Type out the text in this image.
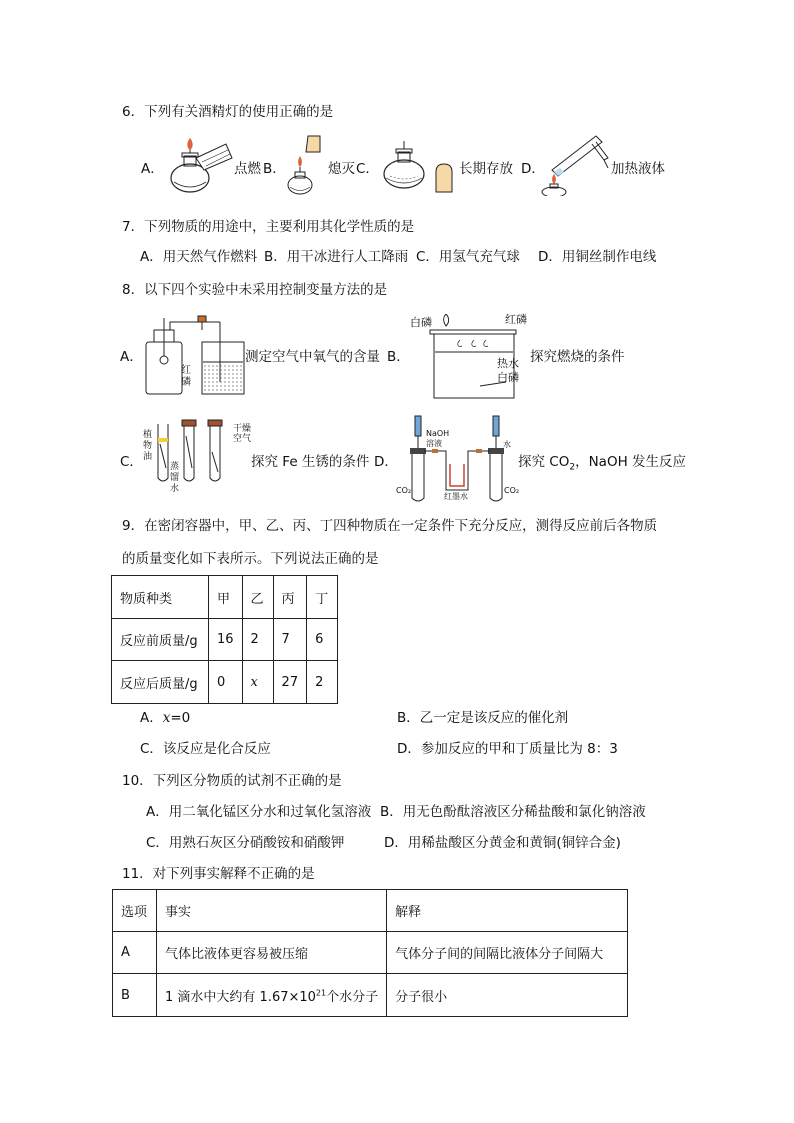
6．下列有关酒精灯的使用正确的是
A．	点燃 B．	熄灭 C．	长期存放 D．	加热液体
7．下列物质的用途中，主要利用其化学性质的是
A．用天然气作燃料 B．用干冰进行人工降雨 C．用氢气充气球 D．用铜丝制作电线
8．以下四个实验中未采用控制变量方法的是
A．
红
磷
测定空气中氧气的含量 B．
白磷	红磷
热水
白磷
探究燃烧的条件
C．
植
物
油
蒸
馏
水
干燥
空气
探究 Fe 生锈的条件 D．
NaOH
溶液	水
红墨水
CO₂	CO₂
探究 $CO_2$，NaOH 发生反应
9．在密闭容器中，甲、乙、丙、丁四种物质在一定条件下充分反应，测得反应前后各物质
的质量变化如下表所示。下列说法正确的是
物质种类	甲	乙	丙	丁
反应前质量/g	16	2	7	6
反应后质量/g	0	x	27	2
A．x=0	B．乙一定是该反应的催化剂
C．该反应是化合反应	D．参加反应的甲和丁质量比为 8：3
10．下列区分物质的试剂不正确的是
A．用二氧化锰区分水和过氧化氢溶液 B．用无色酚酞溶液区分稀盐酸和氯化钠溶液
C．用熟石灰区分硝酸铵和硝酸钾	D．用稀盐酸区分黄金和黄铜(铜锌合金)
11．对下列事实解释不正确的是
选项	事实	解释
A	气体比液体更容易被压缩	气体分子间的间隔比液体分子间隔大
B	1 滴水中大约有 $1.67\times 10^{21}$个水分子	分子很小
